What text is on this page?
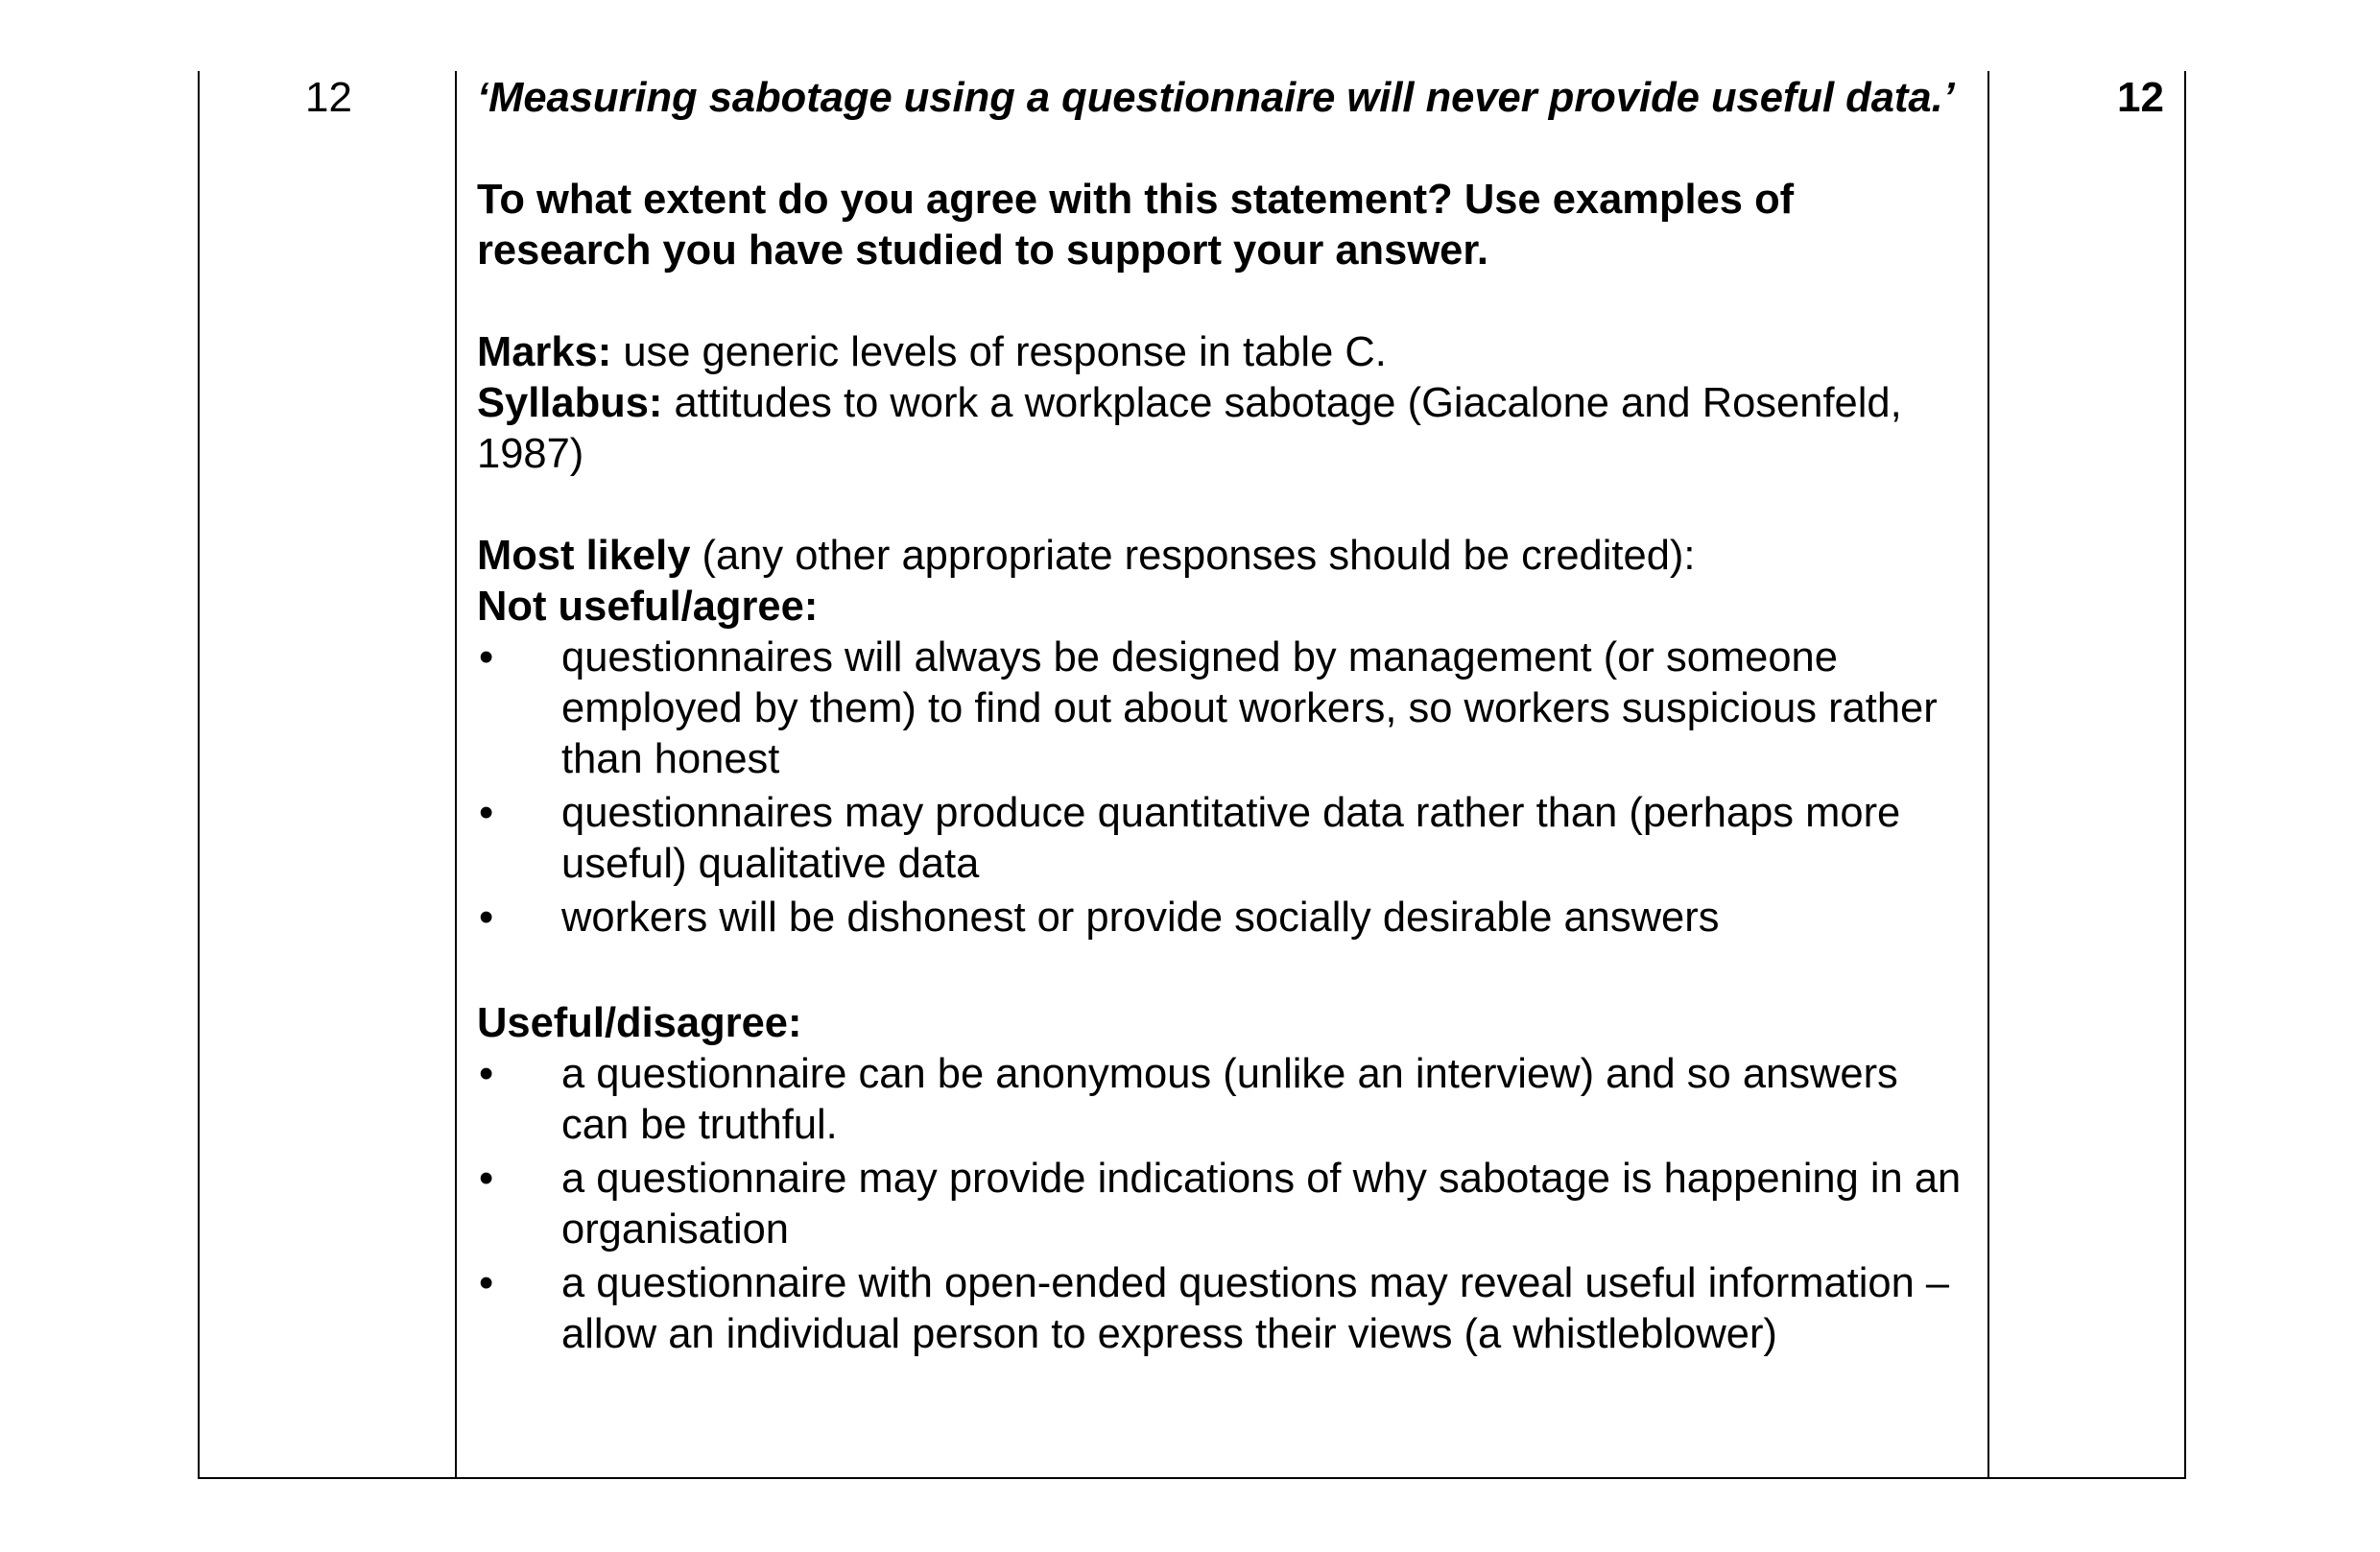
12	‘Measuring sabotage using a questionnaire will never provide useful data.’

To what extent do you agree with this statement? Use examples of research you have studied to support your answer.

Marks: use generic levels of response in table C.

Syllabus: attitudes to work a workplace sabotage (Giacalone and Rosenfeld, 1987)

Most likely (any other appropriate responses should be credited):

Not useful/agree:

• questionnaires will always be designed by management (or someone employed by them) to find out about workers, so workers suspicious rather than honest
• questionnaires may produce quantitative data rather than (perhaps more useful) qualitative data
• workers will be dishonest or provide socially desirable answers

Useful/disagree:

• a questionnaire can be anonymous (unlike an interview) and so answers can be truthful.
• a questionnaire may provide indications of why sabotage is happening in an organisation
• a questionnaire with open-ended questions may reveal useful information – allow an individual person to express their views (a whistleblower)
12
